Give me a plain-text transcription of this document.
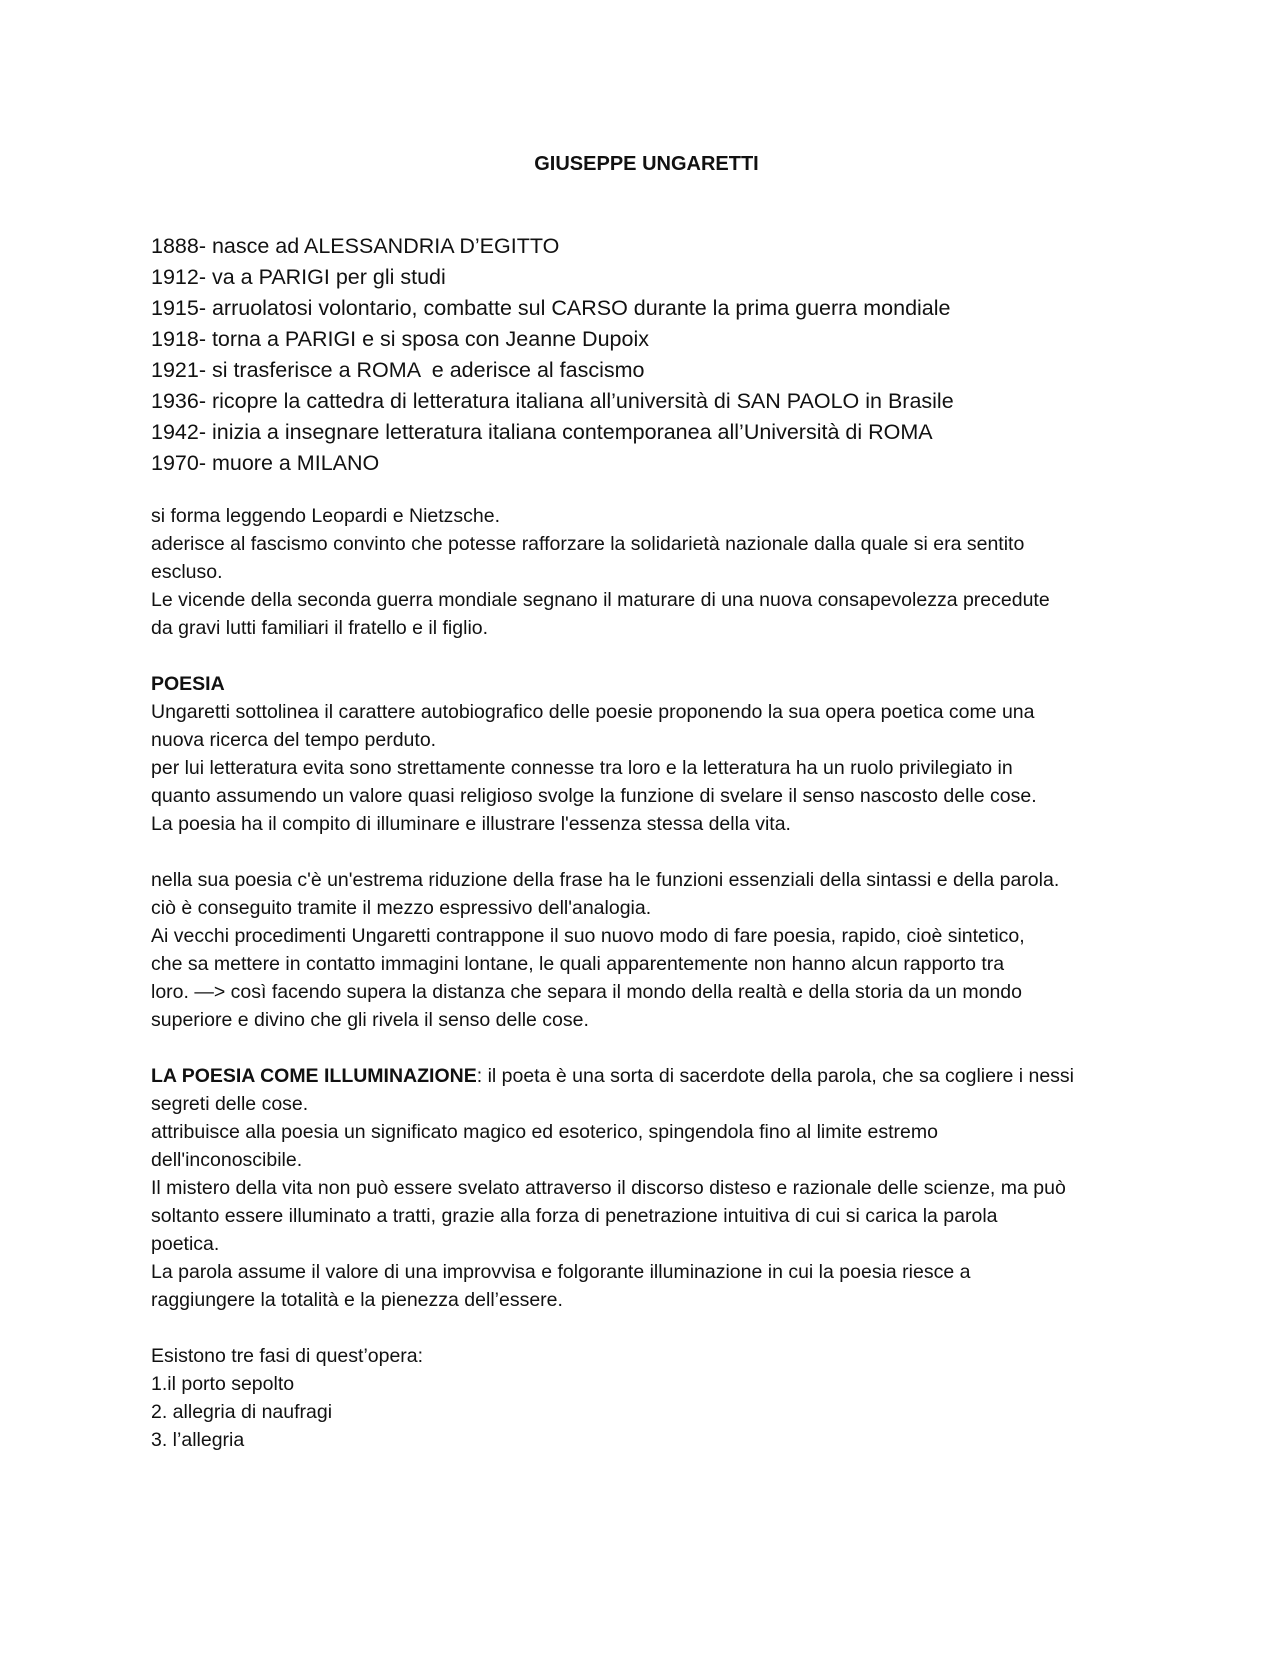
GIUSEPPE UNGARETTI
1888- nasce ad ALESSANDRIA D’EGITTO
1912- va a PARIGI per gli studi
1915- arruolatosi volontario, combatte sul CARSO durante la prima guerra mondiale
1918- torna a PARIGI e si sposa con Jeanne Dupoix
1921- si trasferisce a ROMA  e aderisce al fascismo
1936- ricopre la cattedra di letteratura italiana all’università di SAN PAOLO in Brasile
1942- inizia a insegnare letteratura italiana contemporanea all’Università di ROMA
1970- muore a MILANO
si forma leggendo Leopardi e Nietzsche.
aderisce al fascismo convinto che potesse rafforzare la solidarietà nazionale dalla quale si era sentito
escluso.
Le vicende della seconda guerra mondiale segnano il maturare di una nuova consapevolezza precedute
da gravi lutti familiari il fratello e il figlio.
POESIA
Ungaretti sottolinea il carattere autobiografico delle poesie proponendo la sua opera poetica come una
nuova ricerca del tempo perduto.
per lui letteratura evita sono strettamente connesse tra loro e la letteratura ha un ruolo privilegiato in
quanto assumendo un valore quasi religioso svolge la funzione di svelare il senso nascosto delle cose.
La poesia ha il compito di illuminare e illustrare l'essenza stessa della vita.
nella sua poesia c'è un'estrema riduzione della frase ha le funzioni essenziali della sintassi e della parola.
ciò è conseguito tramite il mezzo espressivo dell'analogia.
Ai vecchi procedimenti Ungaretti contrappone il suo nuovo modo di fare poesia, rapido, cioè sintetico,
che sa mettere in contatto immagini lontane, le quali apparentemente non hanno alcun rapporto tra
loro. —> così facendo supera la distanza che separa il mondo della realtà e della storia da un mondo
superiore e divino che gli rivela il senso delle cose.
LA POESIA COME ILLUMINAZIONE: il poeta è una sorta di sacerdote della parola, che sa cogliere i nessi
segreti delle cose.
attribuisce alla poesia un significato magico ed esoterico, spingendola fino al limite estremo
dell'inconoscibile.
Il mistero della vita non può essere svelato attraverso il discorso disteso e razionale delle scienze, ma può
soltanto essere illuminato a tratti, grazie alla forza di penetrazione intuitiva di cui si carica la parola
poetica.
La parola assume il valore di una improvvisa e folgorante illuminazione in cui la poesia riesce a
raggiungere la totalità e la pienezza dell’essere.
Esistono tre fasi di quest’opera:
1.il porto sepolto
2. allegria di naufragi
3. l’allegria
